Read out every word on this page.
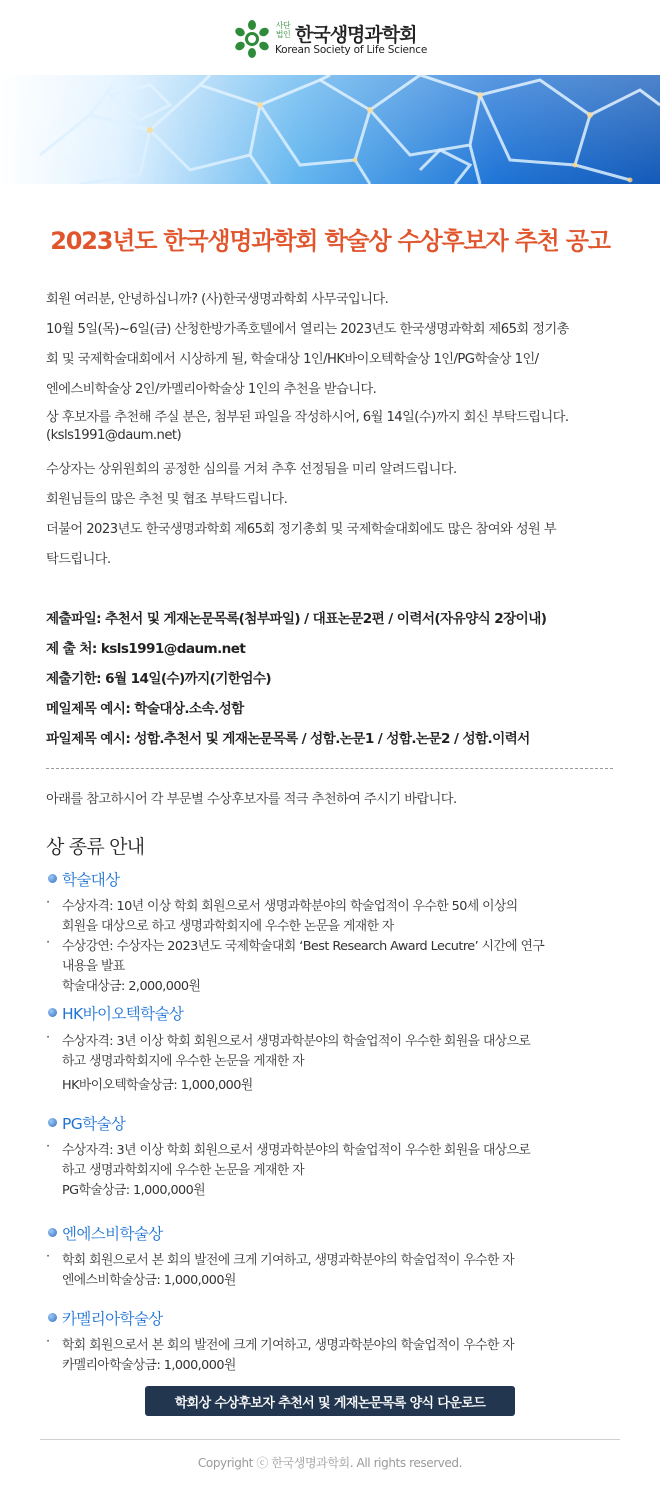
사단
법인 한국생명과학회
Korean Society of Life Science
2023년도 한국생명과학회 학술상 수상후보자 추천 공고
회원 여러분, 안녕하십니까? (사)한국생명과학회 사무국입니다.
10월 5일(목)~6일(금) 산청한방가족호텔에서 열리는 2023년도 한국생명과학회 제65회 정기총
회 및 국제학술대회에서 시상하게 될, 학술대상 1인/HK바이오텍학술상 1인/PG학술상 1인/
엔에스비학술상 2인/카멜리아학술상 1인의 추천을 받습니다.
상 후보자를 추천해 주실 분은, 첨부된 파일을 작성하시어, 6월 14일(수)까지 회신 부탁드립니다.
(ksls1991@daum.net)
수상자는 상위원회의 공정한 심의를 거쳐 추후 선정됨을 미리 알려드립니다.
회원님들의 많은 추천 및 협조 부탁드립니다.
더불어 2023년도 한국생명과학회 제65회 정기총회 및 국제학술대회에도 많은 참여와 성원 부
탁드립니다.
제출파일: 추천서 및 게재논문목록(첨부파일) / 대표논문2편 / 이력서(자유양식 2장이내)
제 출 처: ksls1991@daum.net
제출기한: 6월 14일(수)까지(기한엄수)
메일제목 예시: 학술대상.소속.성함
파일제목 예시: 성함.추천서 및 게재논문목록 / 성함.논문1 / 성함.논문2 / 성함.이력서
아래를 참고하시어 각 부문별 수상후보자를 적극 추천하여 주시기 바랍니다.
상 종류 안내
학술대상
· 수상자격: 10년 이상 학회 회원으로서 생명과학분야의 학술업적이 우수한 50세 이상의
회원을 대상으로 하고 생명과학회지에 우수한 논문을 게재한 자
· 수상강연: 수상자는 2023년도 국제학술대회 ‘Best Research Award Lecutre’ 시간에 연구
내용을 발표
학술대상금: 2,000,000원
HK바이오텍학술상
· 수상자격: 3년 이상 학회 회원으로서 생명과학분야의 학술업적이 우수한 회원을 대상으로
하고 생명과학회지에 우수한 논문을 게재한 자
HK바이오텍학술상금: 1,000,000원
PG학술상
· 수상자격: 3년 이상 학회 회원으로서 생명과학분야의 학술업적이 우수한 회원을 대상으로
하고 생명과학회지에 우수한 논문을 게재한 자
PG학술상금: 1,000,000원
엔에스비학술상
· 학회 회원으로서 본 회의 발전에 크게 기여하고, 생명과학분야의 학술업적이 우수한 자
엔에스비학술상금: 1,000,000원
카멜리아학술상
· 학회 회원으로서 본 회의 발전에 크게 기여하고, 생명과학분야의 학술업적이 우수한 자
카멜리아학술상금: 1,000,000원
학회상 수상후보자 추천서 및 게재논문목록 양식 다운로드
Copyright ⓒ 한국생명과학회. All rights reserved.
